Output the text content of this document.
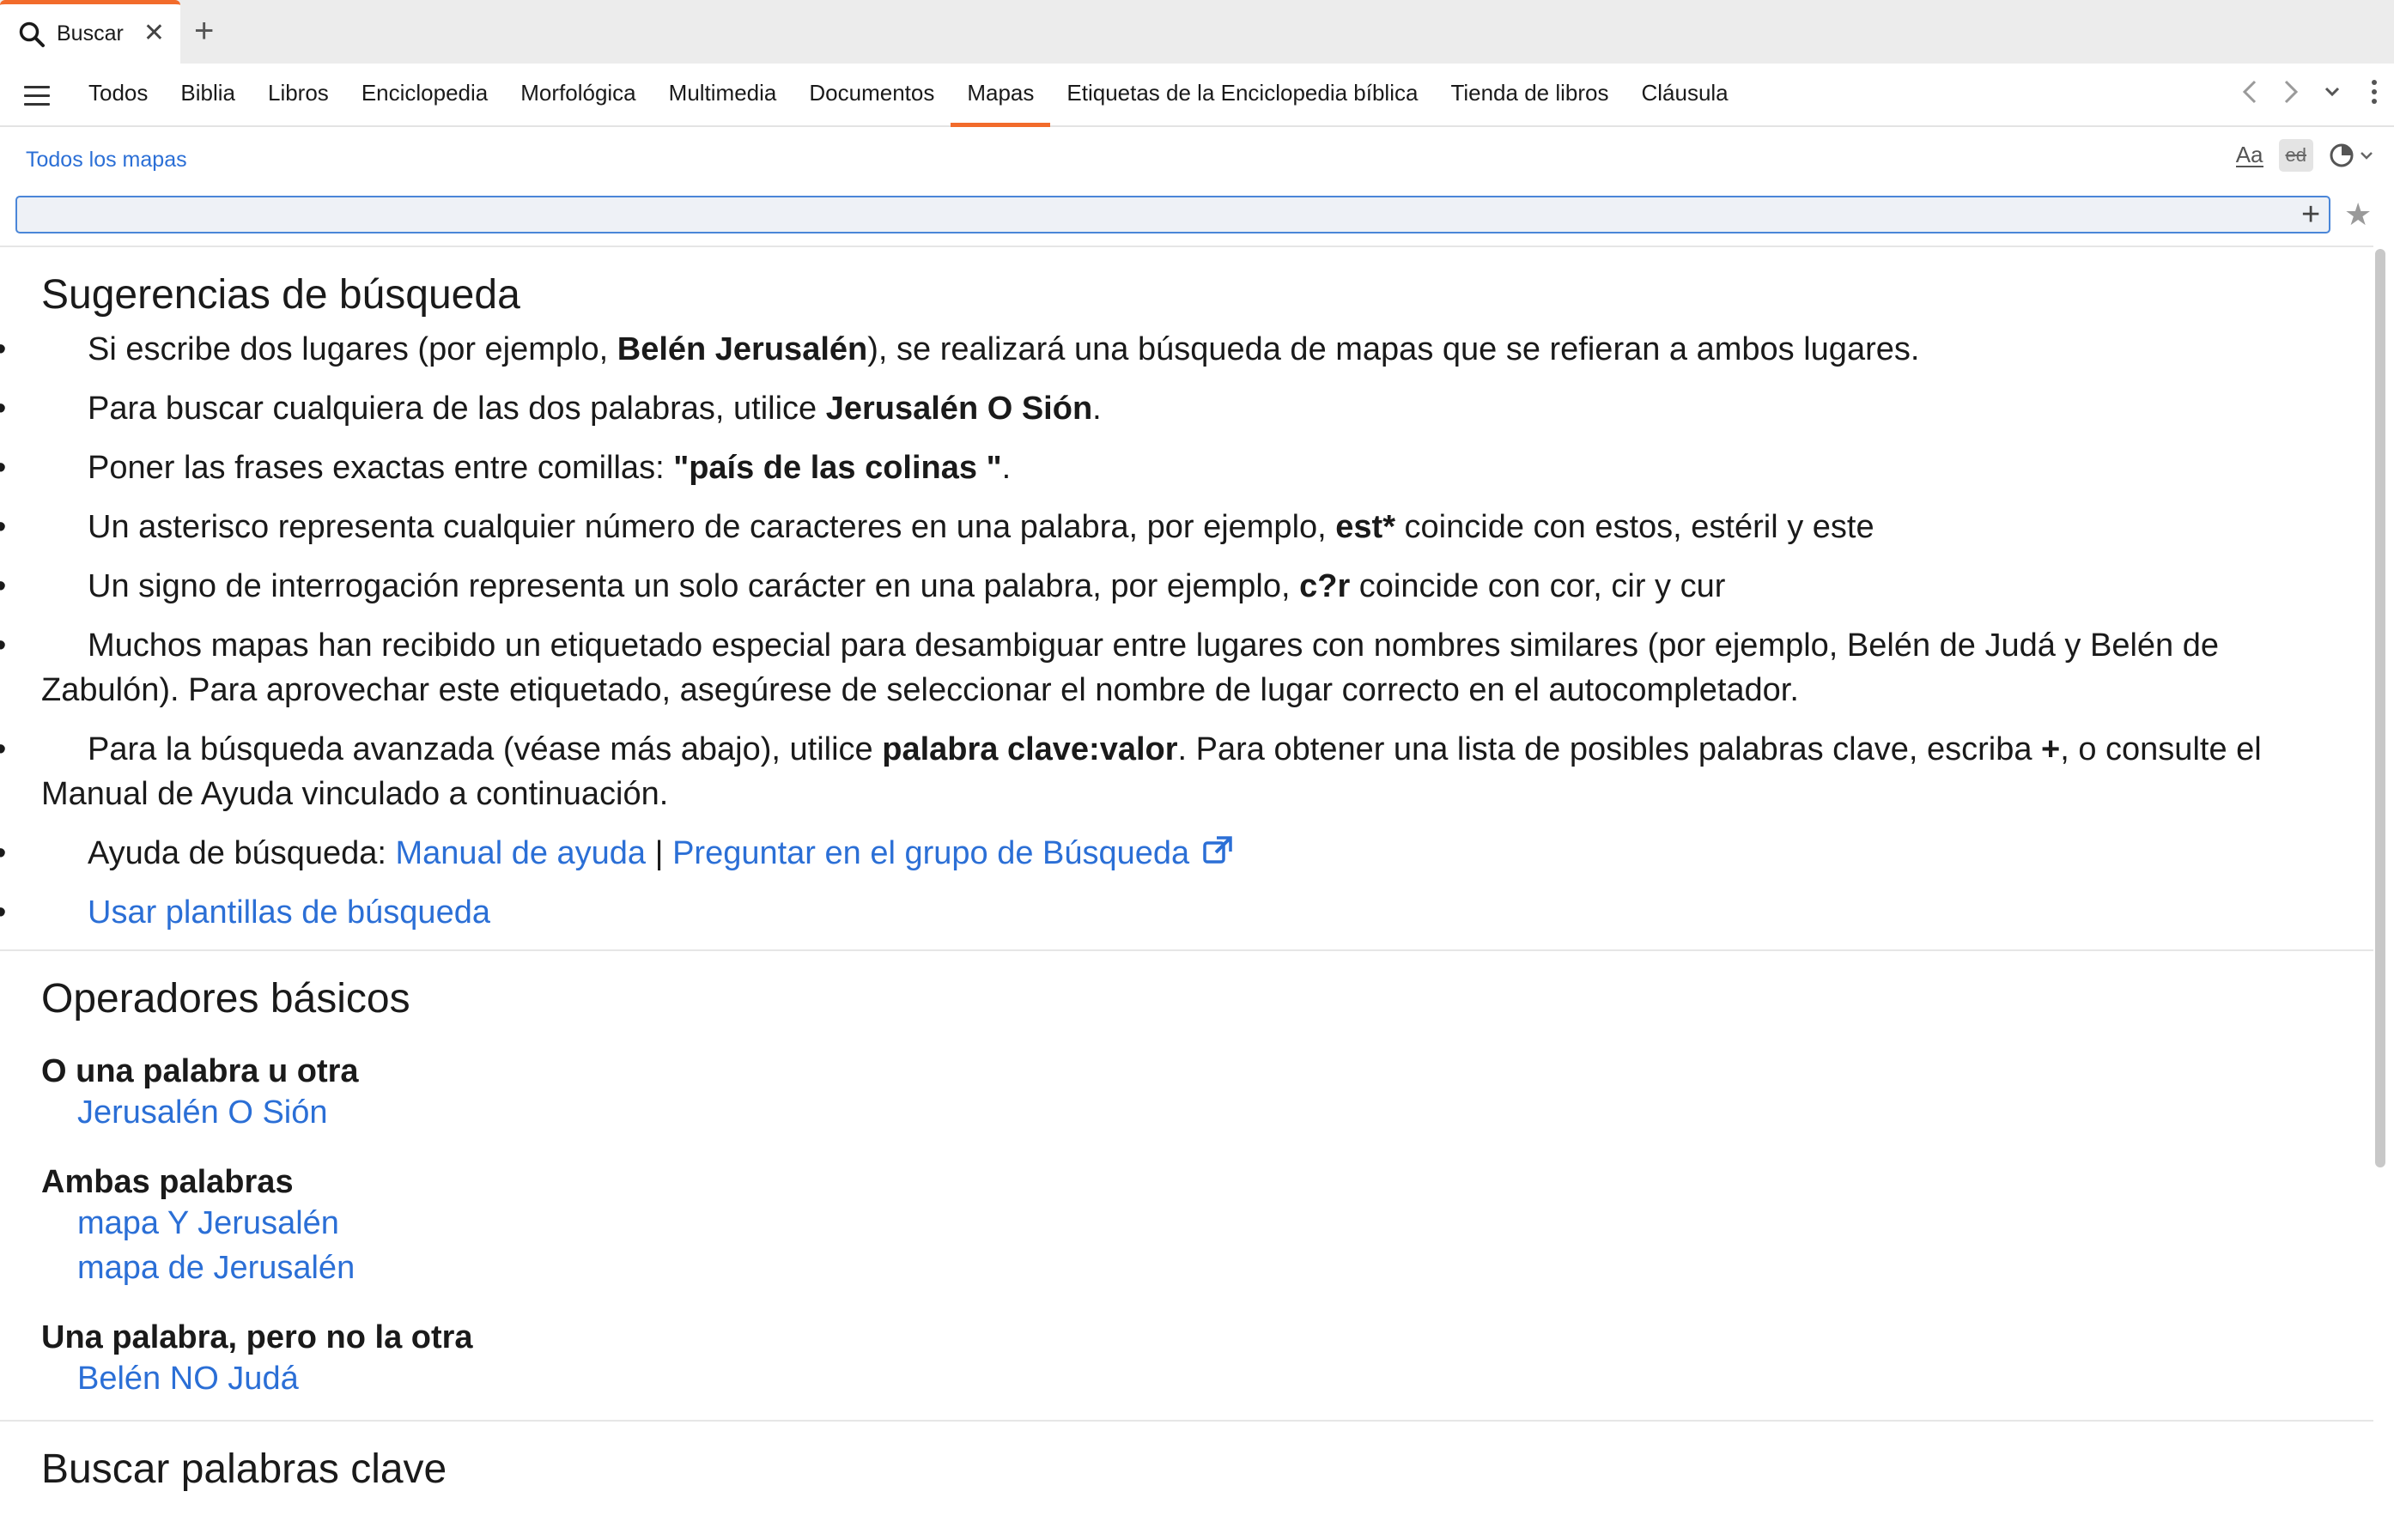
Buscar ✕ +
Todos	Biblia	Libros	Enciclopedia	Morfológica	Multimedia	Documentos	Mapas	Etiquetas de la Enciclopedia bíblica	Tienda de libros	Cláusula
Todos los mapas	Aa	ed
+ ★
Sugerencias de búsqueda
• Si escribe dos lugares (por ejemplo, Belén Jerusalén), se realizará una búsqueda de mapas que se refieran a ambos lugares.
• Para buscar cualquiera de las dos palabras, utilice Jerusalén O Sión.
• Poner las frases exactas entre comillas: "país de las colinas ".
• Un asterisco representa cualquier número de caracteres en una palabra, por ejemplo, est* coincide con estos, estéril y este
• Un signo de interrogación representa un solo carácter en una palabra, por ejemplo, c?r coincide con cor, cir y cur
• Muchos mapas han recibido un etiquetado especial para desambiguar entre lugares con nombres similares (por ejemplo, Belén de Judá y Belén de Zabulón). Para aprovechar este etiquetado, asegúrese de seleccionar el nombre de lugar correcto en el autocompletador.
• Para la búsqueda avanzada (véase más abajo), utilice palabra clave:valor. Para obtener una lista de posibles palabras clave, escriba +, o consulte el Manual de Ayuda vinculado a continuación.
• Ayuda de búsqueda: Manual de ayuda | Preguntar en el grupo de Búsqueda
• Usar plantillas de búsqueda
Operadores básicos
O una palabra u otra
Jerusalén O Sión
Ambas palabras
mapa Y Jerusalén
mapa de Jerusalén
Una palabra, pero no la otra
Belén NO Judá
Buscar palabras clave
